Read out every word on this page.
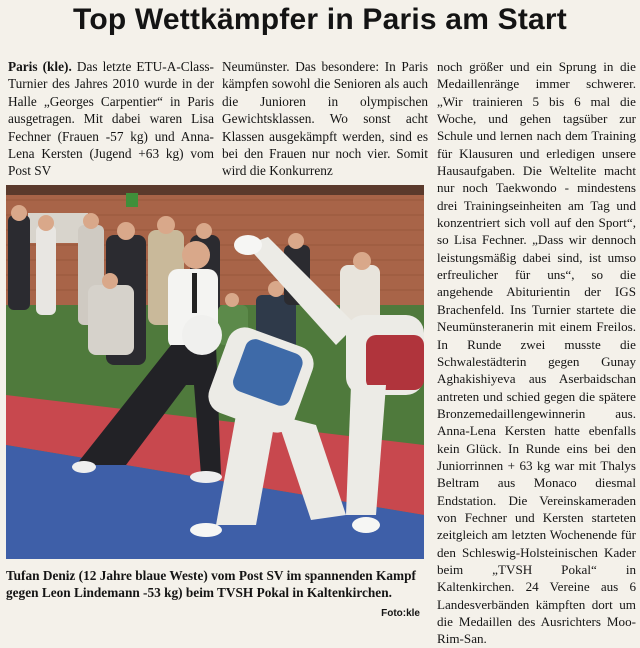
Top Wettkämpfer in Paris am Start

Paris (kle). Das letzte ETU-A-Class-Turnier des Jahres 2010 wurde in der Halle „Georges Carpentier“ in Paris ausgetragen. Mit dabei waren Lisa Fechner (Frauen -57 kg) und Anna-Lena Kersten (Jugend +63 kg) vom Post SV

Neumünster. Das besondere: In Paris kämpfen sowohl die Senioren als auch die Junioren in olympischen Gewichtsklassen. Wo sonst acht Klassen ausgekämpft werden, sind es bei den Frauen nur noch vier. Somit wird die Konkurrenz

noch größer und ein Sprung in die Medaillenränge immer schwerer. „Wir trainieren 5 bis 6 mal die Woche, und gehen tagsüber zur Schule und lernen nach dem Training für Klausuren und erledigen unsere Hausaufgaben. Die Weltelite macht nur noch Taekwondo - mindestens drei Trainingseinheiten am Tag und konzentriert sich voll auf den Sport“, so Lisa Fechner. „Dass wir dennoch leistungsmäßig dabei sind, ist umso erfreulicher für uns“, so die angehende Abiturientin der IGS Brachenfeld. Ins Turnier startete die Neumünsteranerin mit einem Freilos. In Runde zwei musste die Schwalestädterin gegen Gunay Aghakishiyeva aus Aserbaidschan antreten und schied gegen die spätere Bronzemedaillengewinnerin aus. Anna-Lena Kersten hatte ebenfalls kein Glück. In Runde eins bei den Juniorrinnen + 63 kg war mit Thalys Beltram aus Monaco diesmal Endstation. Die Vereinskameraden von Fechner und Kersten starteten zeitgleich am letzten Wochenende für den Schleswig-Holsteinischen Kader beim „TVSH Pokal“ in Kaltenkirchen. 24 Vereine aus 6 Landesverbänden kämpften dort um die Medaillen des Ausrichters Moo-Rim-San.

Tufan Deniz (12 Jahre blaue Weste) vom Post SV im spannenden Kampf gegen Leon Lindemann -53 kg) beim TVSH Pokal in Kaltenkirchen.
Foto:kle
